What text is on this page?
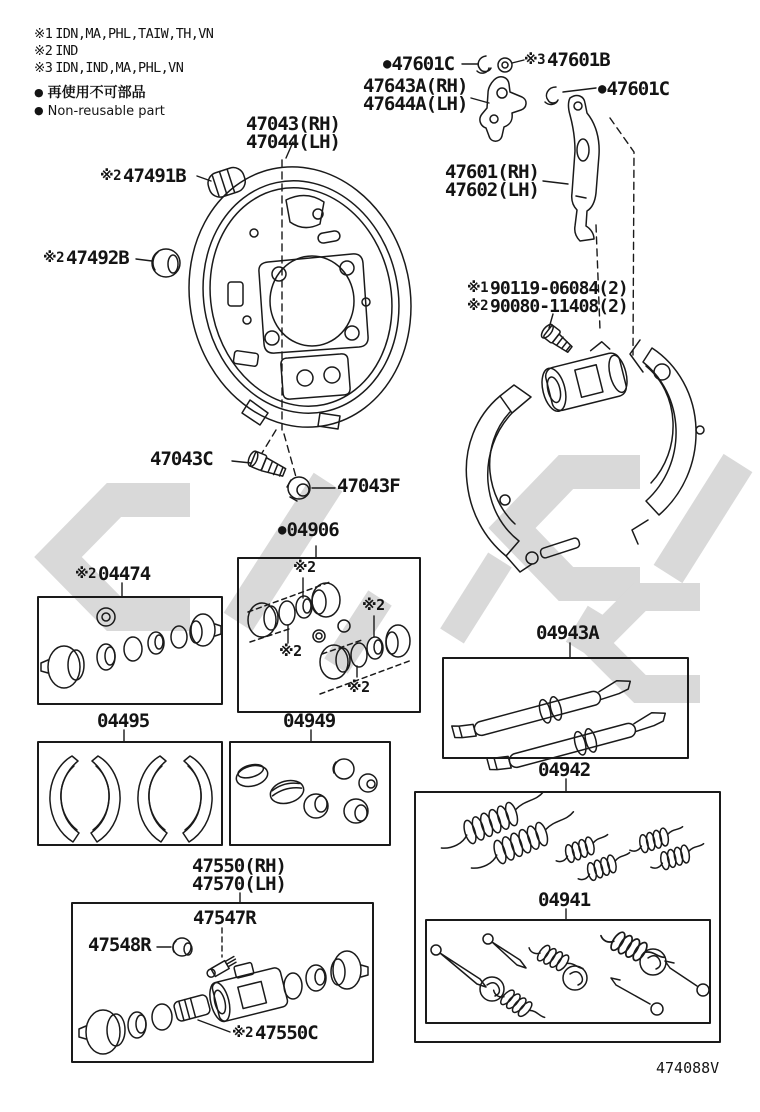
※1 IDN,MA,PHL,TAIW,TH,VN
※2 IND
※3 IDN,IND,MA,PHL,VN
● 再使用不可部品
● Non-reusable part
●47601C	※3 47601B
47643A(RH)
47644A(LH)
●47601C
47601(RH)
47602(LH)
47043(RH)
47044(LH)
※2 47491B
※2 47492B
※1 90119-06084(2)
※2 90080-11408(2)
47043C
47043F
●04906
※2 04474
04495	04949
04943A
04942
04941
47550(RH)
47570(LH)
47547R
47548R
※2 47550C
※2
※2
※2
※2
474088V
